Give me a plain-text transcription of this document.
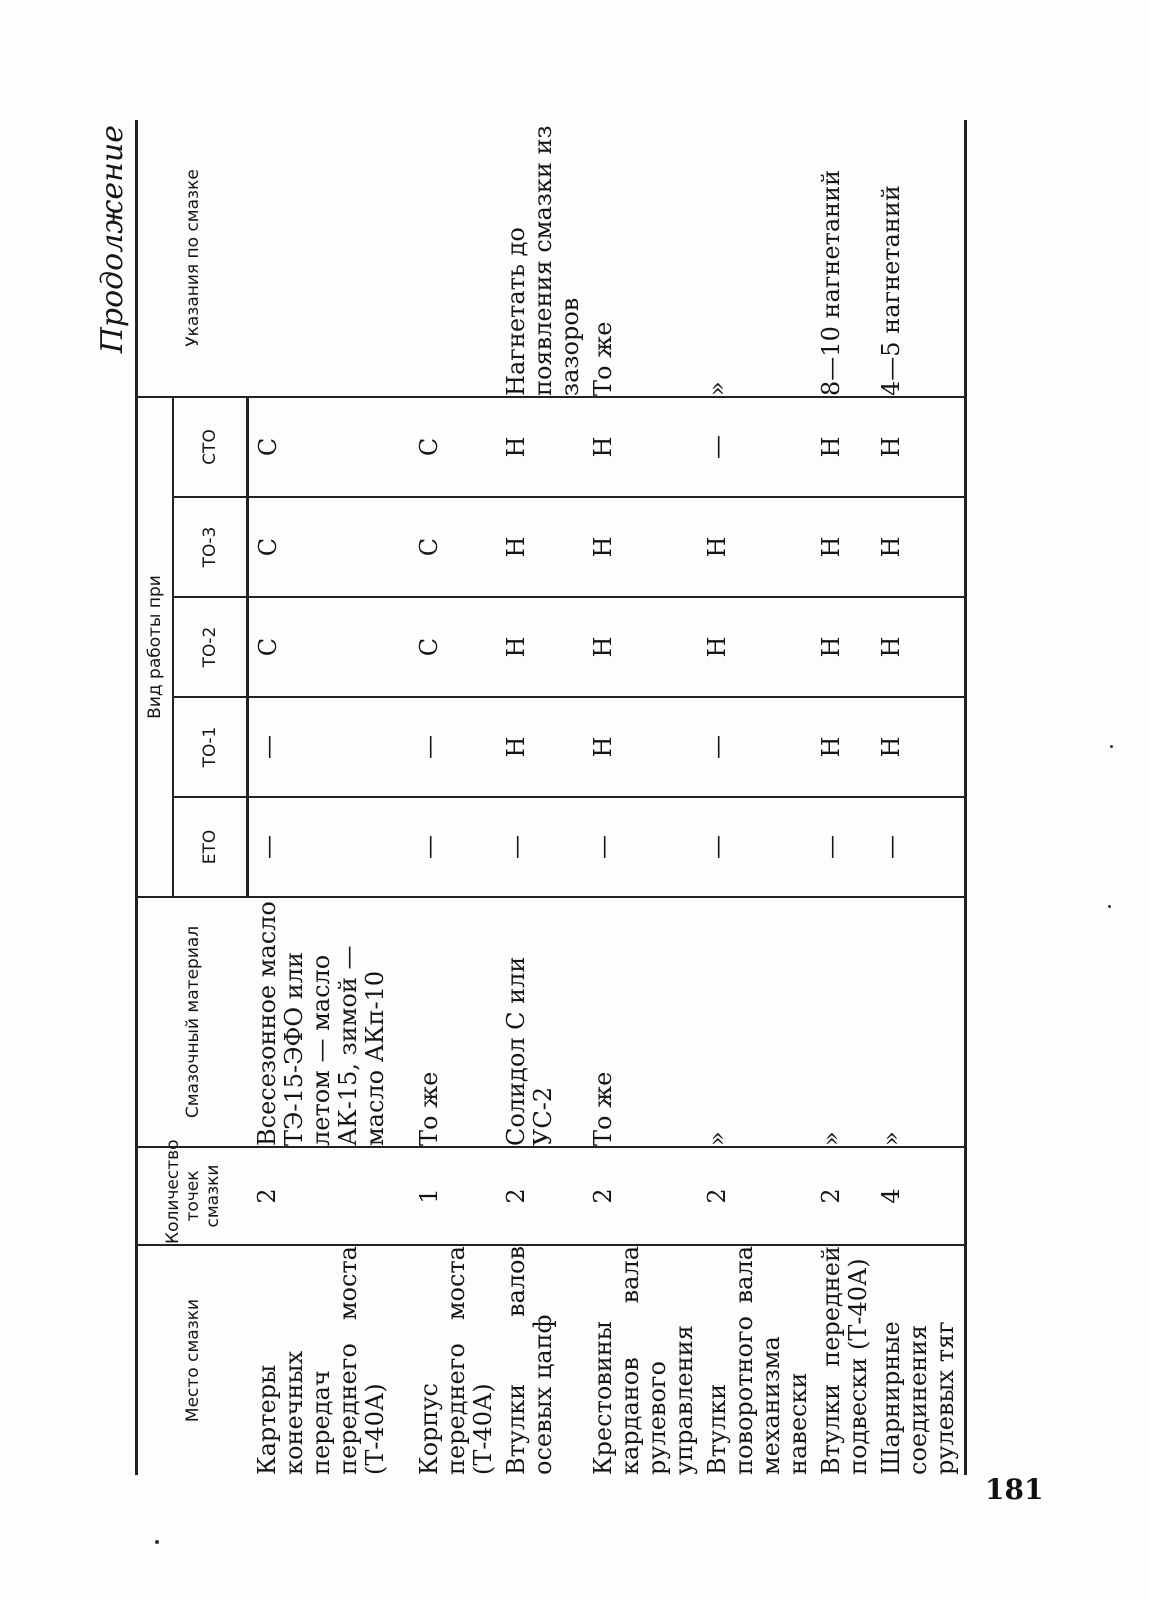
Продолжение
Место смазки	Количество точек смазки	Смазочный материал	Вид работы при					Указания по смазке
			ЕТО	ТО-1	ТО-2	ТО-3	СТО	
Картеры конечных передач переднего моста (Т-40А)	2	Всесезонное масло ТЭ-15-ЭФО или летом — масло АК-15, зимой — масло АКп-10	—	—	С	С	С	
Корпус переднего моста (Т-40А)	1	То же	—	—	С	С	С	
Втулки валов осевых цапф	2	Солидол С или УС-2	—	Н	Н	Н	Н	Нагнетать до появления смазки из зазоров
Крестовины карданов вала рулевого управления	2	То же	—	Н	Н	Н	Н	То же
Втулки поворотного вала механизма навески	2	»	—	—	Н	Н	—	»
Втулки передней подвески (Т-40А)	2	»	—	Н	Н	Н	Н	8—10 нагнетаний
Шарнирные соединения рулевых тяг	4	»	—	Н	Н	Н	Н	4—5 нагнетаний
181
